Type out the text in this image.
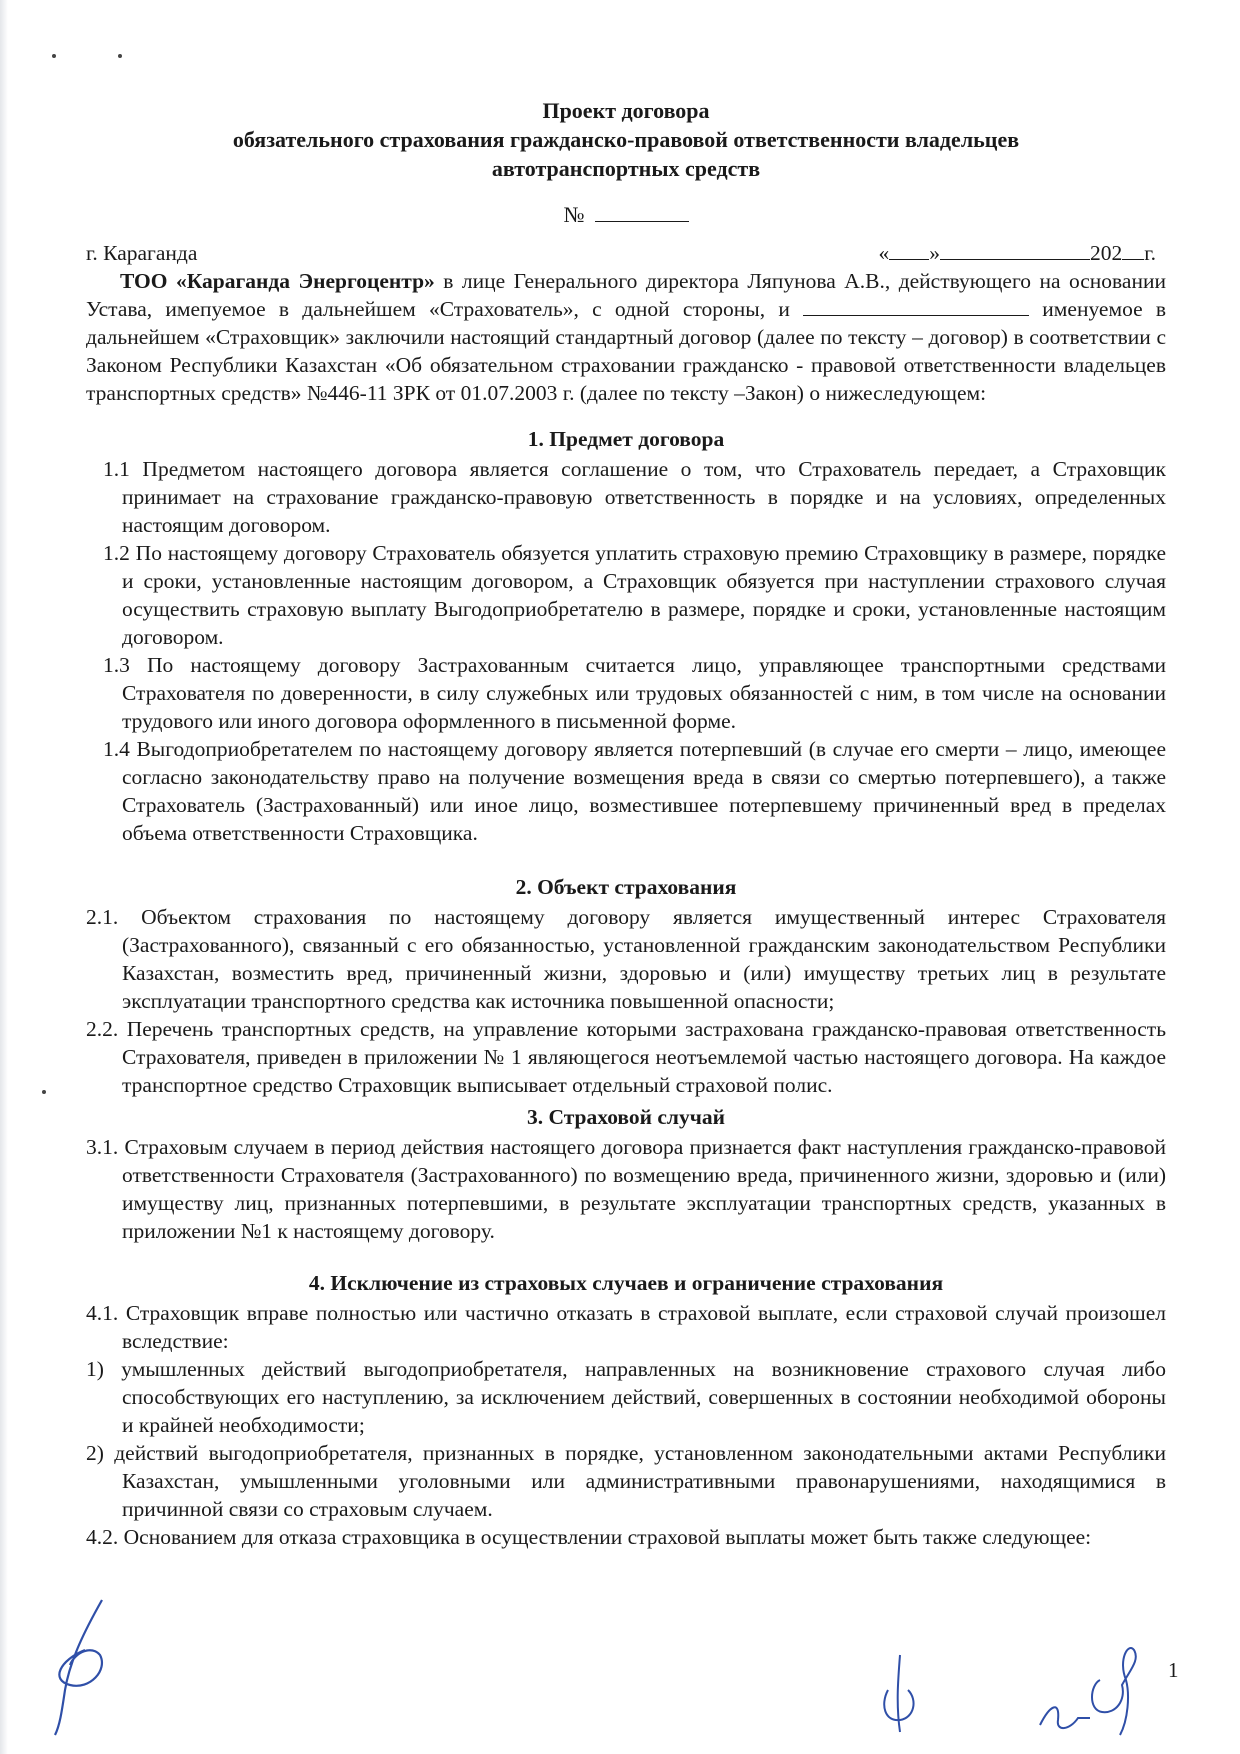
Проект договора
обязательного страхования гражданско-правовой ответственности владельцев
автотранспортных средств
№
г. Караганда	« »	202 г.
ТОО «Караганда Энергоцентр» в лице Генерального директора Ляпунова А.В., действующего на основании Устава, имепуемое в дальнейшем «Страхователь», с одной стороны, и	именуемое в дальнейшем «Страховщик» заключили настоящий стандартный договор (далее по тексту – договор) в соответствии с Законом Республики Казахстан «Об обязательном страховании гражданско - правовой ответственности владельцев транспортных средств» №446-11 ЗРК от 01.07.2003 г. (далее по тексту –Закон) о нижеследующем:
1. Предмет договора
1.1 Предметом настоящего договора является соглашение о том, что Страхователь передает, а Страховщик принимает на страхование гражданско-правовую ответственность в порядке и на условиях, определенных настоящим договором.
1.2 По настоящему договору Страхователь обязуется уплатить страховую премию Страховщику в размере, порядке и сроки, установленные настоящим договором, а Страховщик обязуется при наступлении страхового случая осуществить страховую выплату Выгодоприобретателю в размере, порядке и сроки, установленные настоящим договором.
1.3 По настоящему договору Застрахованным считается лицо, управляющее транспортными средствами Страхователя по доверенности, в силу служебных или трудовых обязанностей с ним, в том числе на основании трудового или иного договора оформленного в письменной форме.
1.4 Выгодоприобретателем по настоящему договору является потерпевший (в случае его смерти – лицо, имеющее согласно законодательству право на получение возмещения вреда в связи со смертью потерпевшего), а также Страхователь (Застрахованный) или иное лицо, возместившее потерпевшему причиненный вред в пределах объема ответственности Страховщика.
2. Объект страхования
2.1. Объектом страхования по настоящему договору является имущественный интерес Страхователя (Застрахованного), связанный с его обязанностью, установленной гражданским законодательством Республики Казахстан, возместить вред, причиненный жизни, здоровью и (или) имуществу третьих лиц в результате эксплуатации транспортного средства как источника повышенной опасности;
2.2. Перечень транспортных средств, на управление которыми застрахована гражданско-правовая ответственность Страхователя, приведен в приложении № 1 являющегося неотъемлемой частью настоящего договора. На каждое транспортное средство Страховщик выписывает отдельный страховой полис.
3. Страховой случай
3.1. Страховым случаем в период действия настоящего договора признается факт наступления гражданско-правовой ответственности Страхователя (Застрахованного) по возмещению вреда, причиненного жизни, здоровью и (или) имуществу лиц, признанных потерпевшими, в результате эксплуатации транспортных средств, указанных в приложении №1 к настоящему договору.
4. Исключение из страховых случаев и ограничение страхования
4.1. Страховщик вправе полностью или частично отказать в страховой выплате, если страховой случай произошел вследствие:
1) умышленных действий выгодоприобретателя, направленных на возникновение страхового случая либо способствующих его наступлению, за исключением действий, совершенных в состоянии необходимой обороны и крайней необходимости;
2) действий выгодоприобретателя, признанных в порядке, установленном законодательными актами Республики Казахстан, умышленными уголовными или административными правонарушениями, находящимися в причинной связи со страховым случаем.
4.2. Основанием для отказа страховщика в осуществлении страховой выплаты может быть также следующее:
1
